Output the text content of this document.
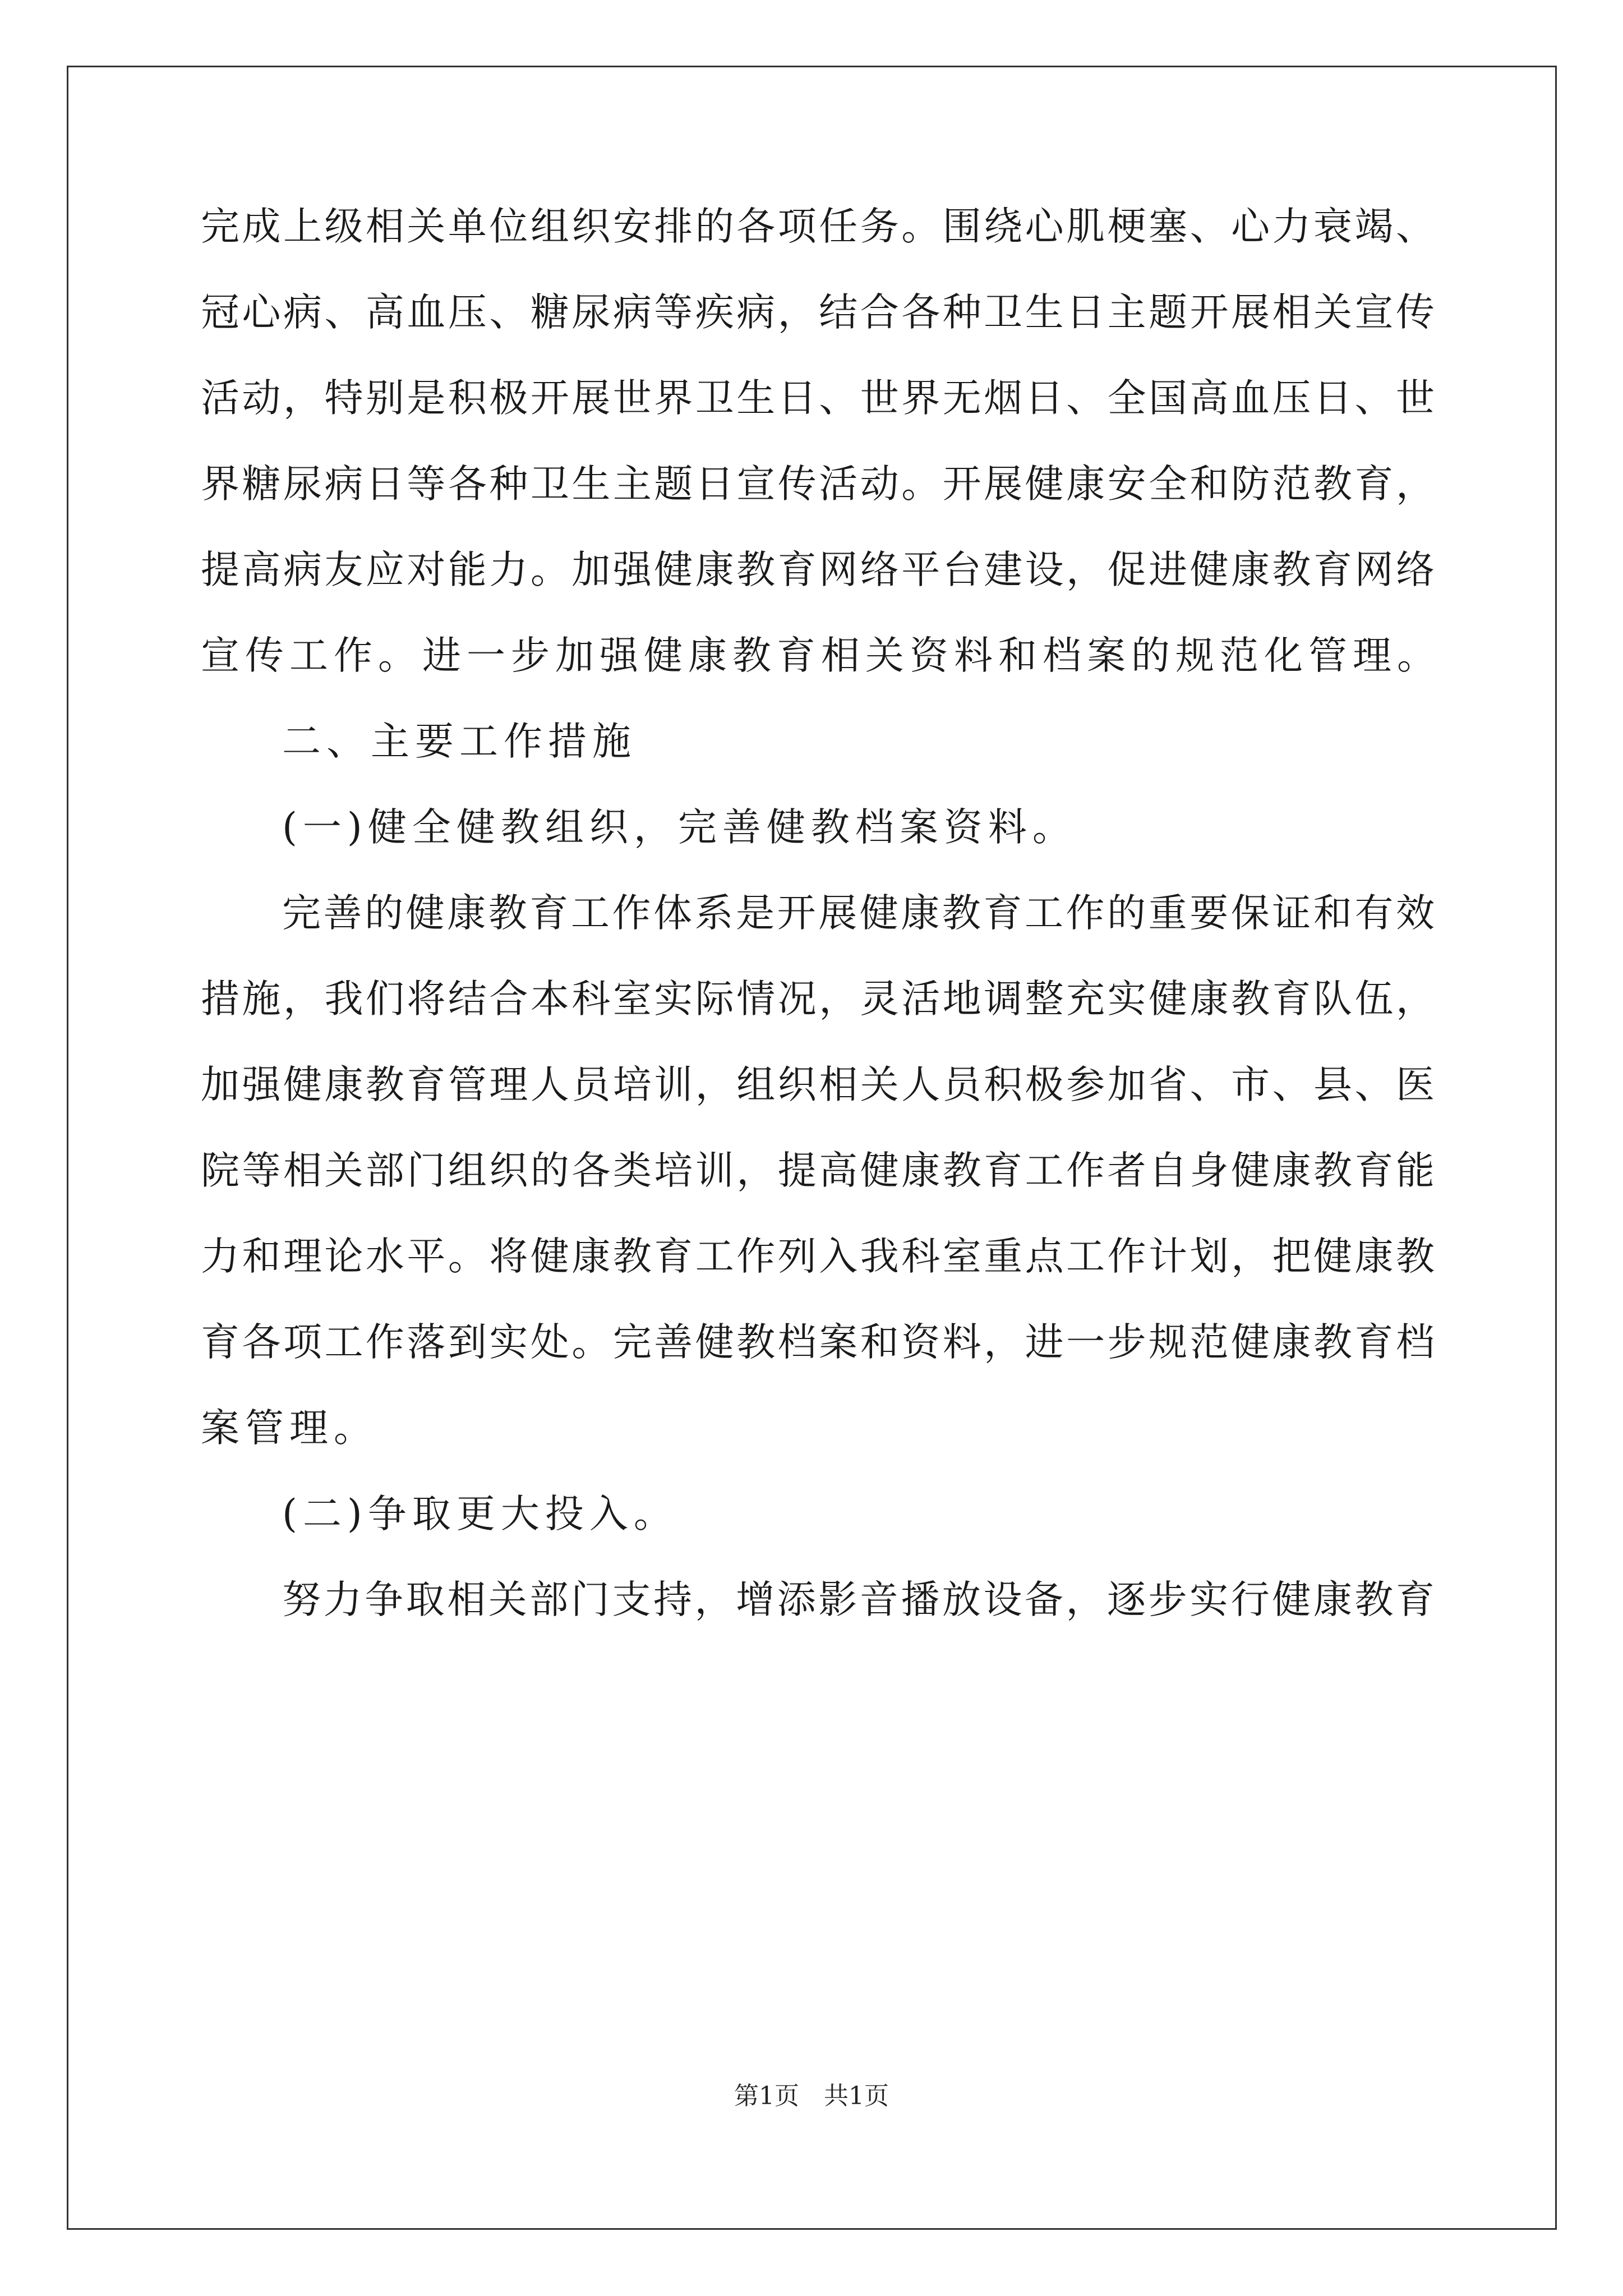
完成上级相关单位组织安排的各项任务。围绕心肌梗塞、心力衰竭、
冠心病、高血压、糖尿病等疾病，结合各种卫生日主题开展相关宣传
活动，特别是积极开展世界卫生日、世界无烟日、全国高血压日、世
界糖尿病日等各种卫生主题日宣传活动。开展健康安全和防范教育，
提高病友应对能力。加强健康教育网络平台建设，促进健康教育网络
宣传工作。进一步加强健康教育相关资料和档案的规范化管理。
二、主要工作措施
(一)健全健教组织，完善健教档案资料。
完善的健康教育工作体系是开展健康教育工作的重要保证和有效
措施，我们将结合本科室实际情况，灵活地调整充实健康教育队伍，
加强健康教育管理人员培训，组织相关人员积极参加省、市、县、医
院等相关部门组织的各类培训，提高健康教育工作者自身健康教育能
力和理论水平。将健康教育工作列入我科室重点工作计划，把健康教
育各项工作落到实处。完善健教档案和资料，进一步规范健康教育档
案管理。
(二)争取更大投入。
努力争取相关部门支持，增添影音播放设备，逐步实行健康教育
第1页 共1页
